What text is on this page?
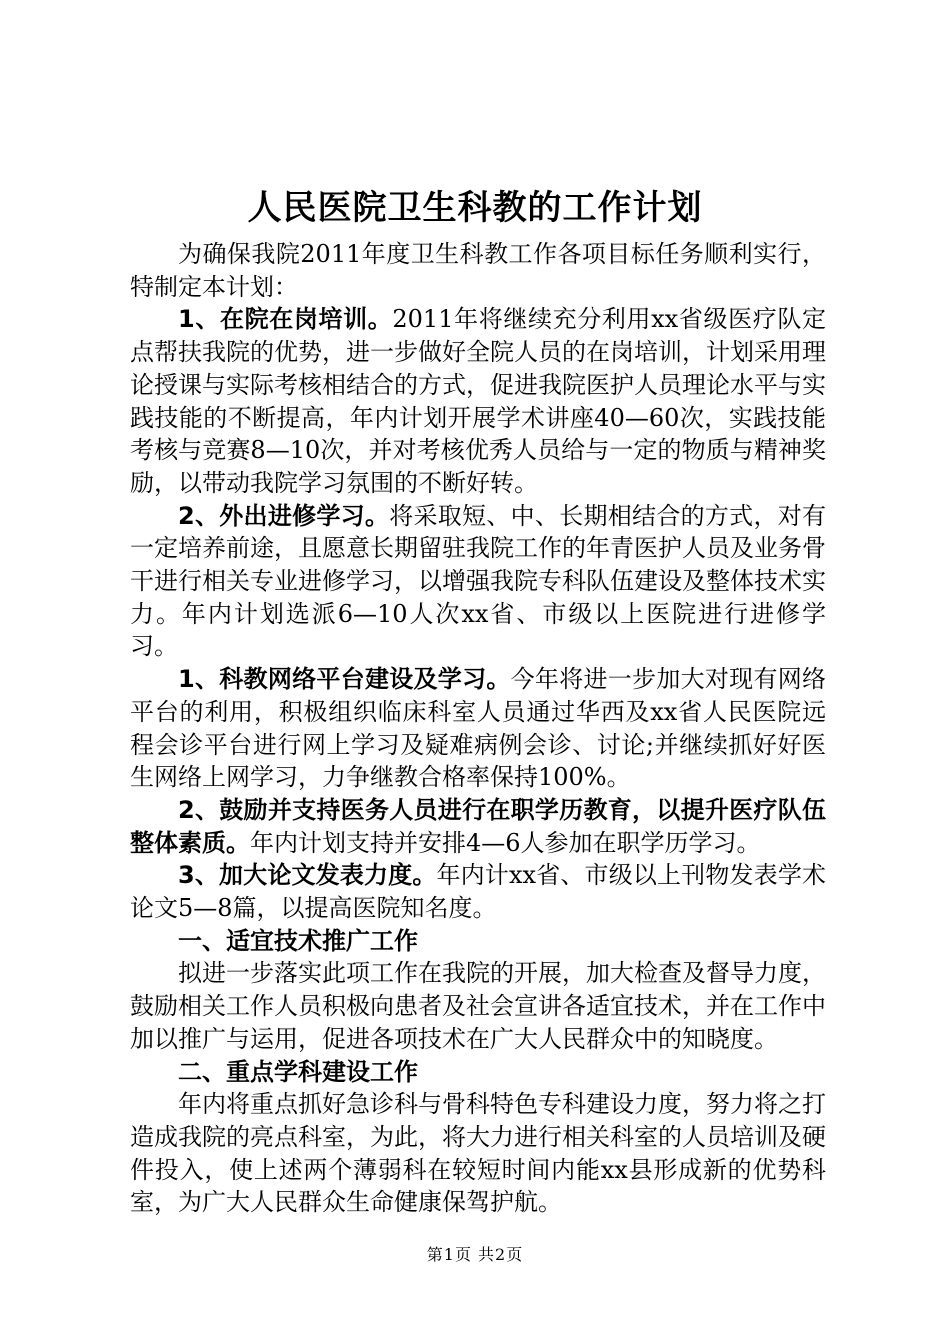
人民医院卫生科教的工作计划

为确保我院2011年度卫生科教工作各项目标任务顺利实行，特制定本计划：

1、在院在岗培训。2011年将继续充分利用xx省级医疗队定点帮扶我院的优势，进一步做好全院人员的在岗培训，计划采用理论授课与实际考核相结合的方式，促进我院医护人员理论水平与实践技能的不断提高，年内计划开展学术讲座40—60次，实践技能考核与竞赛8—10次，并对考核优秀人员给与一定的物质与精神奖励，以带动我院学习氛围的不断好转。

2、外出进修学习。将采取短、中、长期相结合的方式，对有一定培养前途，且愿意长期留驻我院工作的年青医护人员及业务骨干进行相关专业进修学习，以增强我院专科队伍建设及整体技术实力。年内计划选派6—10人次xx省、市级以上医院进行进修学习。

1、科教网络平台建设及学习。今年将进一步加大对现有网络平台的利用，积极组织临床科室人员通过华西及xx省人民医院远程会诊平台进行网上学习及疑难病例会诊、讨论;并继续抓好好医生网络上网学习，力争继教合格率保持100%。

2、鼓励并支持医务人员进行在职学历教育，以提升医疗队伍整体素质。年内计划支持并安排4—6人参加在职学历学习。

3、加大论文发表力度。年内计xx省、市级以上刊物发表学术论文5—8篇，以提高医院知名度。

一、适宜技术推广工作

拟进一步落实此项工作在我院的开展，加大检查及督导力度，鼓励相关工作人员积极向患者及社会宣讲各适宜技术，并在工作中加以推广与运用，促进各项技术在广大人民群众中的知晓度。

二、重点学科建设工作

年内将重点抓好急诊科与骨科特色专科建设力度，努力将之打造成我院的亮点科室，为此，将大力进行相关科室的人员培训及硬件投入，使上述两个薄弱科在较短时间内能xx县形成新的优势科室，为广大人民群众生命健康保驾护航。

第1页 共2页
